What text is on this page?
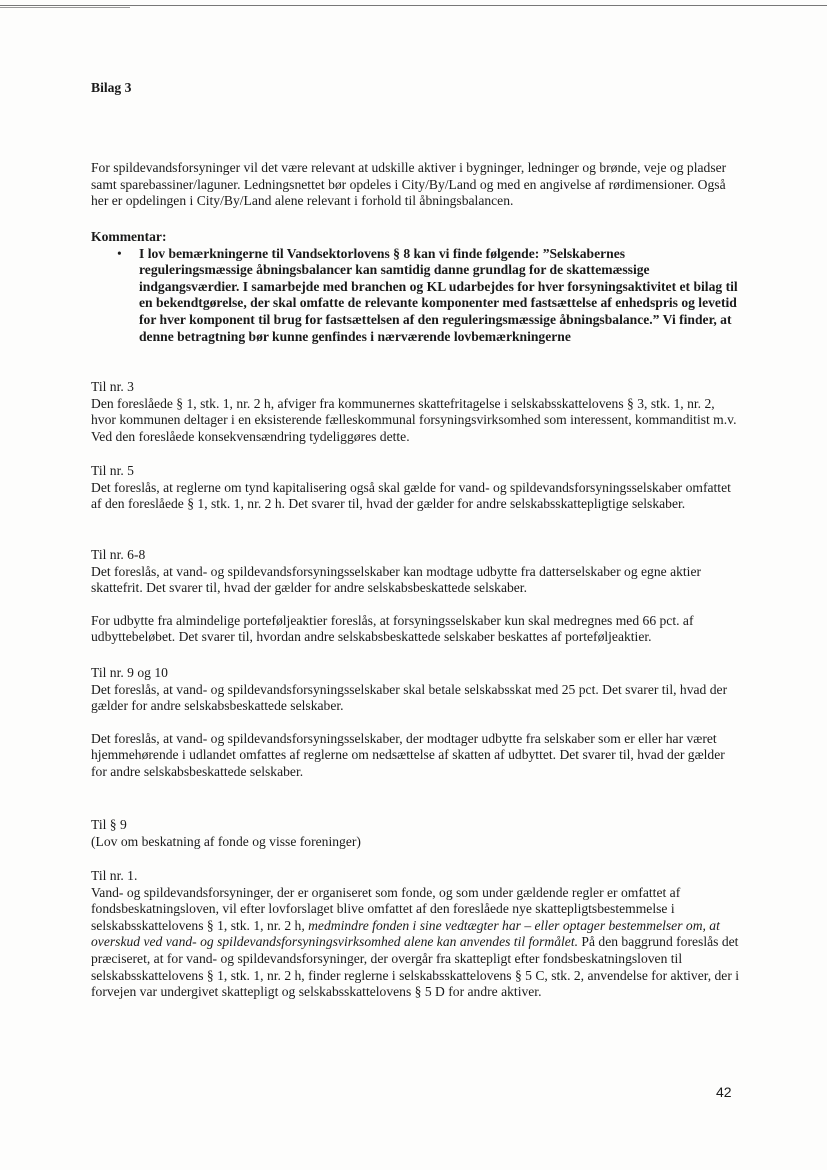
Bilag 3

For spildevandsforsyninger vil det være relevant at udskille aktiver i bygninger, ledninger og brønde, veje og pladser samt sparebassiner/laguner. Ledningsnettet bør opdeles i City/By/Land og med en angivelse af rørdimensioner. Også her er opdelingen i City/By/Land alene relevant i forhold til åbningsbalancen.

Kommentar:

• I lov bemærkningerne til Vandsektorlovens § 8 kan vi finde følgende: ”Selskabernes reguleringsmæssige åbningsbalancer kan samtidig danne grundlag for de skattemæssige indgangsværdier. I samarbejde med branchen og KL udarbejdes for hver forsyningsaktivitet et bilag til en bekendtgørelse, der skal omfatte de relevante komponenter med fastsættelse af enhedspris og levetid for hver komponent til brug for fastsættelsen af den reguleringsmæssige åbningsbalance.” Vi finder, at denne betragtning bør kunne genfindes i nærværende lovbemærkningerne

Til nr. 3

Den foreslåede § 1, stk. 1, nr. 2 h, afviger fra kommunernes skattefritagelse i selskabsskattelovens § 3, stk. 1, nr. 2, hvor kommunen deltager i en eksisterende fælleskommunal forsyningsvirksomhed som interessent, kommanditist m.v. Ved den foreslåede konsekvensændring tydeliggøres dette.

Til nr. 5

Det foreslås, at reglerne om tynd kapitalisering også skal gælde for vand- og spildevandsforsyningsselskaber omfattet af den foreslåede § 1, stk. 1, nr. 2 h. Det svarer til, hvad der gælder for andre selskabsskattepligtige selskaber.

Til nr. 6-8

Det foreslås, at vand- og spildevandsforsyningsselskaber kan modtage udbytte fra datterselskaber og egne aktier skattefrit. Det svarer til, hvad der gælder for andre selskabsbeskattede selskaber.

For udbytte fra almindelige porteføljeaktier foreslås, at forsyningsselskaber kun skal medregnes med 66 pct. af udbyttebeløbet. Det svarer til, hvordan andre selskabsbeskattede selskaber beskattes af porteføljeaktier.

Til nr. 9 og 10

Det foreslås, at vand- og spildevandsforsyningsselskaber skal betale selskabsskat med 25 pct. Det svarer til, hvad der gælder for andre selskabsbeskattede selskaber.

Det foreslås, at vand- og spildevandsforsyningsselskaber, der modtager udbytte fra selskaber som er eller har været hjemmehørende i udlandet omfattes af reglerne om nedsættelse af skatten af udbyttet. Det svarer til, hvad der gælder for andre selskabsbeskattede selskaber.

Til § 9

(Lov om beskatning af fonde og visse foreninger)

Til nr. 1.

Vand- og spildevandsforsyninger, der er organiseret som fonde, og som under gældende regler er omfattet af fondsbeskatningsloven, vil efter lovforslaget blive omfattet af den foreslåede nye skattepligtsbestemmelse i selskabsskattelovens § 1, stk. 1, nr. 2 h, medmindre fonden i sine vedtægter har – eller optager bestemmelser om, at overskud ved vand- og spildevandsforsyningsvirksomhed alene kan anvendes til formålet. På den baggrund foreslås det præciseret, at for vand- og spildevandsforsyninger, der overgår fra skattepligt efter fondsbeskatningsloven til selskabsskattelovens § 1, stk. 1, nr. 2 h, finder reglerne i selskabsskattelovens § 5 C, stk. 2, anvendelse for aktiver, der i forvejen var undergivet skattepligt og selskabsskattelovens § 5 D for andre aktiver.

42
